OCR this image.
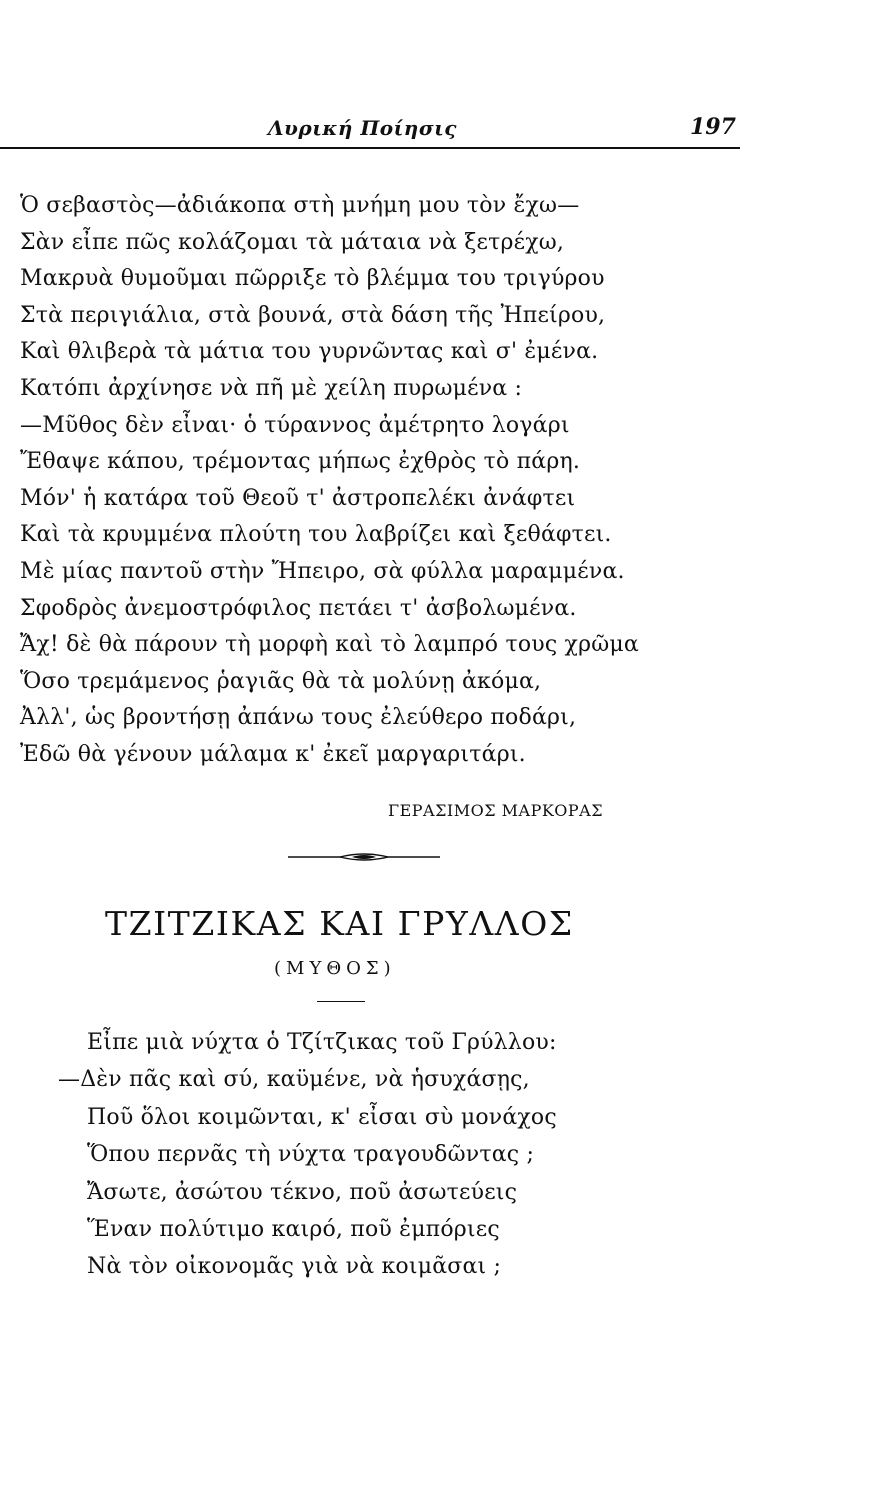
Λυρική Ποίησις	197
Ὁ σεβαστὸς—ἀδιάκοπα στὴ μνήμη μου τὸν ἔχω—
Σὰν εἶπε πῶς κολάζομαι τὰ μάταια νὰ ξετρέχω,
Μακρυὰ θυμοῦμαι πῶρριξε τὸ βλέμμα του τριγύρου
Στὰ περιγιάλια, στὰ βουνά, στὰ δάση τῆς Ἠπείρου,
Καὶ θλιβερὰ τὰ μάτια του γυρνῶντας καὶ σ' ἐμένα.
Κατόπι ἀρχίνησε νὰ πῆ μὲ χείλη πυρωμένα :
—Μῦθος δὲν εἶναι· ὁ τύραννος ἀμέτρητο λογάρι
Ἔθαψε κάπου, τρέμοντας μήπως ἐχθρὸς τὸ πάρη.
Μόν' ἡ κατάρα τοῦ Θεοῦ τ' ἀστροπελέκι ἀνάφτει
Καὶ τὰ κρυμμένα πλούτη του λαβρίζει καὶ ξεθάφτει.
Μὲ μίας παντοῦ στὴν Ἤπειρο, σὰ φύλλα μαραμμένα.
Σφοδρὸς ἀνεμοστρόφιλος πετάει τ' ἀσβολωμένα.
Ἄχ! δὲ θὰ πάρουν τὴ μορφὴ καὶ τὸ λαμπρό τους χρῶμα
Ὅσο τρεμάμενος ῥαγιᾶς θὰ τὰ μολύνῃ ἀκόμα,
Ἀλλ', ὡς βροντήσῃ ἀπάνω τους ἐλεύθερο ποδάρι,
Ἐδῶ θὰ γένουν μάλαμα κ' ἐκεῖ μαργαριτάρι.
ΓΕΡΑΣΙΜΟΣ ΜΑΡΚΟΡΑΣ
ΤΖΙΤΖΙΚΑΣ ΚΑΙ ΓΡΥΛΛΟΣ
(ΜΥΘΟΣ)
Εἶπε μιὰ νύχτα ὁ Τζίτζικας τοῦ Γρύλλου:
—Δὲν πᾶς καὶ σύ, καϋμένε, νὰ ἡσυχάσῃς,
Ποῦ ὅλοι κοιμῶνται, κ' εἶσαι σὺ μονάχος
Ὅπου περνᾶς τὴ νύχτα τραγουδῶντας ;
Ἄσωτε, ἀσώτου τέκνο, ποῦ ἀσωτεύεις
Ἕναν πολύτιμο καιρό, ποῦ ἐμπόριες
Νὰ τὸν οἰκονομᾶς γιὰ νὰ κοιμᾶσαι ;
